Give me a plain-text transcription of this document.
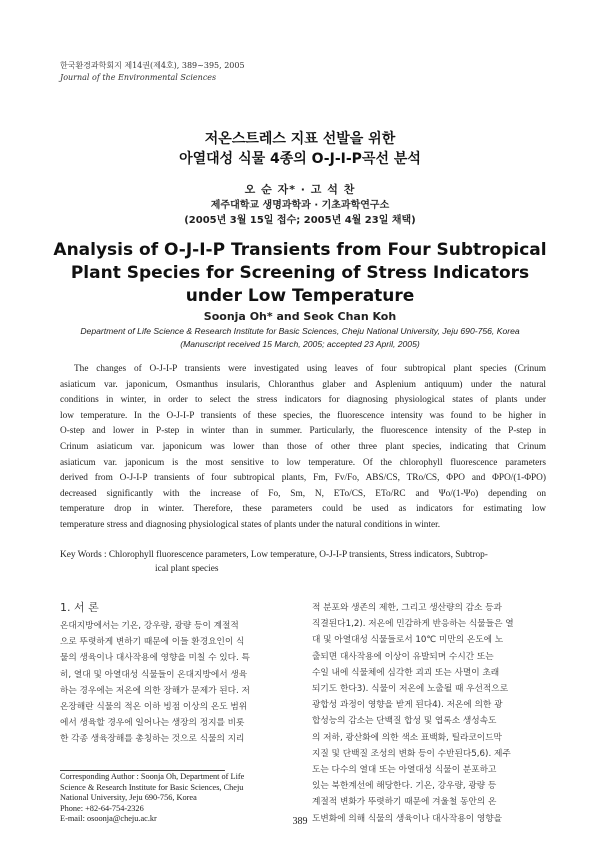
한국환경과학회지 제14권(제4호), 389~395, 2005
Journal of the Environmental Sciences
저온스트레스 지표 선발을 위한
아열대성 식물 4종의 O-J-I-P곡선 분석
오 순 자* · 고 석 찬
제주대학교 생명과학과 · 기초과학연구소
(2005년 3월 15일 접수; 2005년 4월 23일 채택)
Analysis of O-J-I-P Transients from Four Subtropical
Plant Species for Screening of Stress Indicators
under Low Temperature
Soonja Oh* and Seok Chan Koh
Department of Life Science & Research Institute for Basic Sciences, Cheju National University, Jeju 690-756, Korea
(Manuscript received 15 March, 2005; accepted 23 April, 2005)
The changes of O-J-I-P transients were investigated using leaves of four subtropical plant species (Crinum
asiaticum var. japonicum, Osmanthus insularis, Chloranthus glaber and Asplenium antiquum) under the natural
conditions in winter, in order to select the stress indicators for diagnosing physiological states of plants under
low temperature. In the O-J-I-P transients of these species, the fluorescence intensity was found to be higher in
O-step and lower in P-step in winter than in summer. Particularly, the fluorescence intensity of the P-step in
Crinum asiaticum var. japonicum was lower than those of other three plant species, indicating that Crinum
asiaticum var. japonicum is the most sensitive to low temperature. Of the chlorophyll fluorescence parameters
derived from O-J-I-P transients of four subtropical plants, Fm, Fv/Fo, ABS/CS, TRo/CS, ΦPO and ΦPO/(1-ΦPO)
decreased significantly with the increase of Fo, Sm, N, ETo/CS, ETo/RC and Ψo/(1-Ψo) depending on
temperature drop in winter. Therefore, these parameters could be used as indicators for estimating low
temperature stress and diagnosing physiological states of plants under the natural conditions in winter.
Key Words : Chlorophyll fluorescence parameters, Low temperature, O-J-I-P transients, Stress indicators, Subtrop-
ical plant species
1. 서 론
온대지방에서는 기온, 강우량, 광량 등이 계절적
으로 뚜렷하게 변하기 때문에 이들 환경요인이 식
물의 생육이나 대사작용에 영향을 미칠 수 있다. 특
히, 열대 및 아열대성 식물들이 온대지방에서 생육
하는 경우에는 저온에 의한 장해가 문제가 된다. 저
온장해란 식물의 적온 이하 빙점 이상의 온도 범위
에서 생육할 경우에 일어나는 생장의 정지를 비롯
한 각종 생육장해를 총칭하는 것으로 식물의 지리
적 분포와 생존의 제한, 그리고 생산량의 감소 등과
직결된다1,2). 저온에 민감하게 반응하는 식물들은 열
대 및 아열대성 식물들로서 10℃ 미만의 온도에 노
출되면 대사작용에 이상이 유발되며 수시간 또는
수일 내에 식물체에 심각한 괴괴 또는 사멸이 초래
되기도 한다3). 식물이 저온에 노출될 때 우선적으로
광합성 과정이 영향을 받게 된다4). 저온에 의한 광
합성능의 감소는 단백질 합성 및 엽록소 생성속도
의 저하, 광산화에 의한 색소 표백화, 틸라코이드막
지질 및 단백질 조성의 변화 등이 수반된다5,6). 제주
도는 다수의 열대 또는 아열대성 식물이 분포하고
있는 북한계선에 해당한다. 기온, 강우량, 광량 등
계절적 변화가 뚜렷하기 때문에 겨울철 동안의 온
도변화에 의해 식물의 생육이나 대사작용이 영향을
Corresponding Author : Soonja Oh, Department of Life
Science & Research Institute for Basic Sciences, Cheju
National University, Jeju 690-756, Korea
Phone: +82-64-754-2326
E-mail: osoonja@cheju.ac.kr	389
